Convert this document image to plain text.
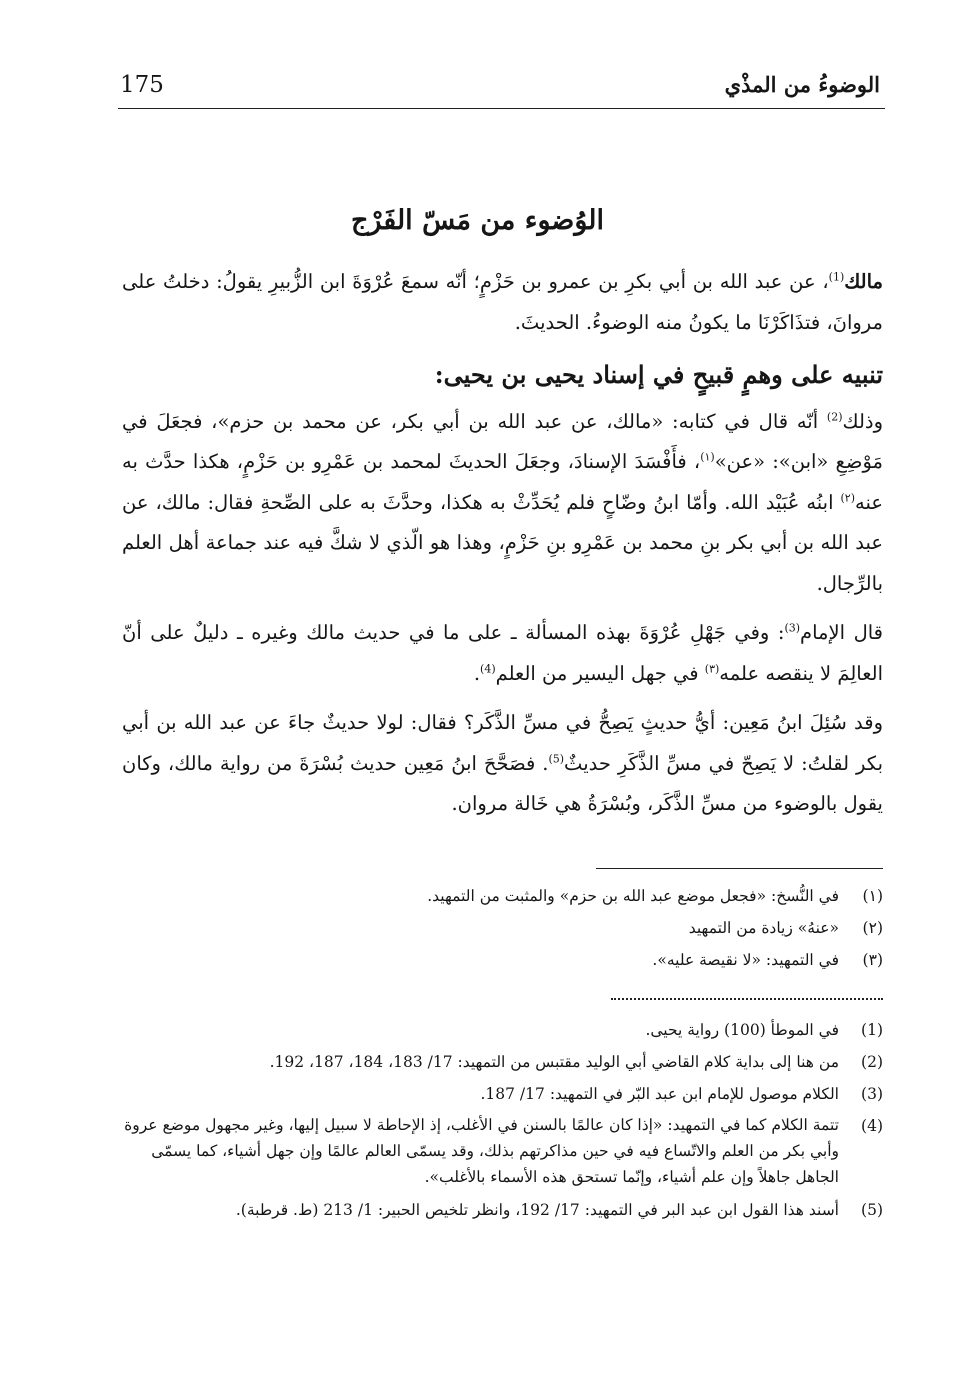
175	الوضوءُ من المذْي
الوُضوء من مَسّ الفَرْج

مالك$^{(1)}$، عن عبد الله بن أبي بكرِ بن عمرو بن حَزْمٍ؛ أنّه سمعَ عُرْوَةَ ابن الزُّبيرِ يقولُ: دخلتُ على مروانَ، فتذَاكَرْنَا ما يكونُ منه الوضوءُ. الحديثَ.

تنبيه على وهمٍ قبيحٍ في إسناد يحيى بن يحيى:

وذلك$^{(2)}$ أنّه قال في كتابه: «مالك، عن عبد الله بن أبي بكر، عن محمد بن حزم»، فجعَلَ في مَوْضِعِ «ابن»: «عن»$^{(١)}$، فأَفْسَدَ الإسنادَ، وجعَلَ الحديثَ لمحمد بن عَمْرِو بن حَزْمٍ، هكذا حدَّث به عنه$^{(٢)}$ ابنُه عُبَيْد الله. وأمّا ابنُ وضّاحٍ فلم يُحَدِّثْ به هكذا، وحدَّثَ به على الصِّحةِ فقال: مالك، عن عبد الله بن أبي بكر بنِ محمد بن عَمْرِو بنِ حَزْمٍ، وهذا هو الّذي لا شكَّ فيه عند جماعة أهل العلم بالرِّجال.

قال الإمام$^{(3)}$: وفي جَهْلِ عُرْوَةَ بهذه المسألة ـ على ما في حديث مالك وغيره ـ دليلٌ على أنّ العالِمَ لا ينقصه علمه$^{(٣)}$ في جهل اليسير من العلم$^{(4)}$.

وقد سُئِلَ ابنُ مَعِين: أيُّ حديثٍ يَصِحُّ في مسِّ الذَّكَر؟ فقال: لولا حديثٌ جاءَ عن عبد الله بن أبي بكر لقلتُ: لا يَصِحّ في مسِّ الذَّكَرِ حديثٌ$^{(5)}$. فصَحَّحَ ابنُ مَعِين حديث بُسْرَةَ من رواية مالك، وكان يقول بالوضوء من مسِّ الذَّكَر، وبُسْرَةُ هي خَالة مروان.

(١)
في النُّسخ: «فجعل موضع عبد الله بن حزم» والمثبت من التمهيد.
(٢)
«عنهُ» زيادة من التمهيد
(٣)
في التمهيد: «لا نقيصة عليه».
(1)
في الموطأ (100) رواية يحيى.
(2)
من هنا إلى بداية كلام القاضي أبي الوليد مقتبس من التمهيد: 17/ 183، 184، 187، 192.
(3)
الكلام موصول للإمام ابن عبد البّر في التمهيد: 17/ 187.
(4)
تتمة الكلام كما في التمهيد: «إذا كان عالمًا بالسنن في الأغلب، إذ الإحاطة لا سبيل إليها، وغير مجهول موضع عروة وأبي بكر من العلم والاتّساع فيه في حين مذاكرتهم بذلك، وقد يسمّى العالم عالمًا وإن جهل أشياء، كما يسمّى الجاهل جاهلاً وإن علم أشياء، وإنّما تستحق هذه الأسماء بالأغلب».
(5)
أسند هذا القول ابن عبد البر في التمهيد: 17/ 192، وانظر تلخيص الحبير: 1/ 213 (ط. قرطبة).
